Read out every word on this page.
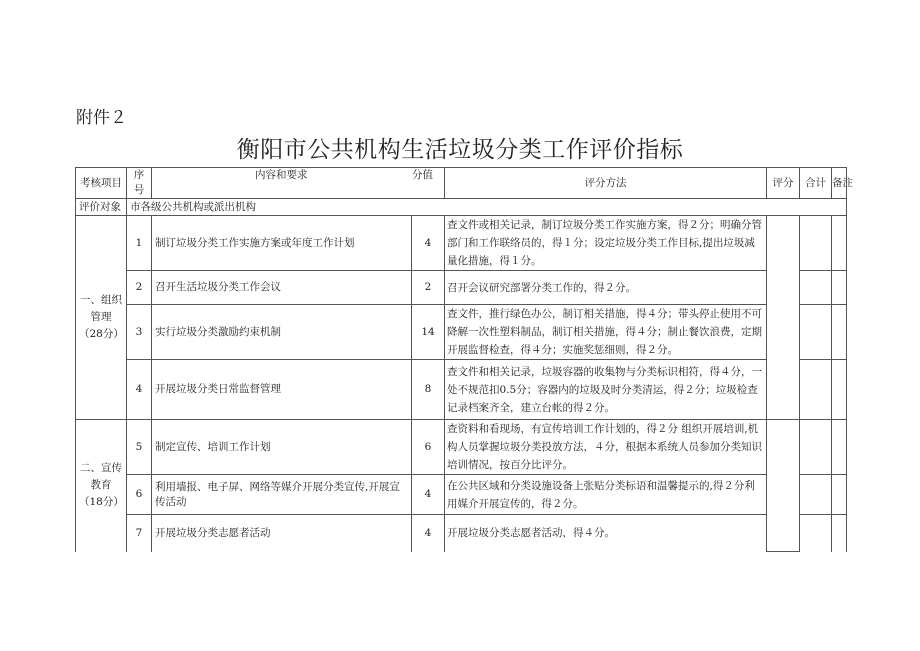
附件２
衡阳市公共机构生活垃圾分类工作评价指标
考核项目	序号	内容和要求 分值		评分方法	评分	合计	备注
评价对象	市各级公共机构或派出机构						
一、组织管理（28分）	1	制订垃圾分类工作实施方案或年度工作计划	4	查文件或相关记录，制订垃圾分类工作实施方案，得２分；明确分管部门和工作联络员的，得１分；设定垃圾分类工作目标,提出垃圾减量化措施，得１分。			
	2	召开生活垃圾分类工作会议	2	召开会议研究部署分类工作的，得２分。			
	3	实行垃圾分类激励约束机制	14	查文件，推行绿色办公，制订相关措施，得４分；带头停止使用不可降解一次性塑料制品，制订相关措施，得４分；制止餐饮浪费，定期开展监督检查，得４分；实施奖惩细则，得２分。			
	4	开展垃圾分类日常监督管理	8	查文件和相关记录，垃圾容器的收集物与分类标识相符，得４分，一处不规范扣0.5分；容器内的垃圾及时分类清运，得２分；垃圾检查记录档案齐全，建立台帐的得２分。			
二、宣传教育（18分）	5	制定宣传、培训工作计划	6	查资料和看现场，有宣传培训工作计划的，得２分 组织开展培训,机构人员掌握垃圾分类投放方法，４分，根据本系统人员参加分类知识培训情况，按百分比评分。			
	6	利用墙报、电子屏、网络等媒介开展分类宣传,开展宣传活动	4	在公共区域和分类设施设备上张贴分类标语和温馨提示的,得２分利用媒介开展宣传的，得２分。			
	7	开展垃圾分类志愿者活动	4	开展垃圾分类志愿者活动，得４分。			
